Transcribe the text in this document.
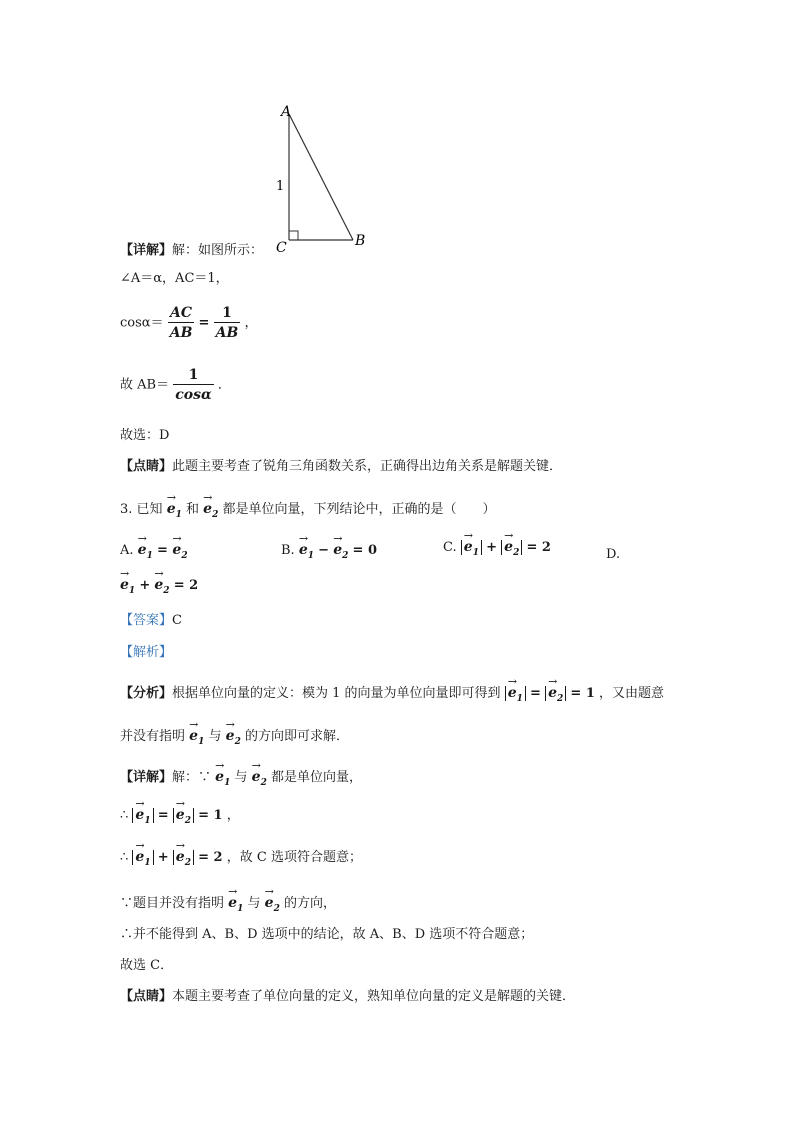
A
C	B
1
【详解】解：如图所示：
∠A＝α，AC＝1，
$\cos\alpha= \frac{AC}{AB} = \frac{1}{AB}$ ，
故 $AB= \frac{1}{\cos\alpha}$ ．
故选：D
【点睛】此题主要考查了锐角三角函数关系，正确得出边角关系是解题关键．
3. 已知 → $e_1$ 和 → $e_2$ 都是单位向量，下列结论中，正确的是（　　）
A. → $e_1$ = → $e_2$	B. → $e_1$ − → $e_2 = 0$	C. → $e_1$ + → $e_2 = 2$	D.
→ $e_1$ + → $e_2 = 2$
【答案】C
【解析】
【分析】根据单位向量的定义：模为 1 的向量为单位向量即可得到 → $e_1$ = → $e_2 = 1$ ，又由题意
并没有指明 → $e_1$ 与 → $e_2$ 的方向即可求解．
【详解】解：∵ → $e_1$ 与 → $e_2$ 都是单位向量，
∴ → $e_1$ = → $e_2 = 1$ ，
∴ → $e_1$ + → $e_2 = 2$ ，故 C 选项符合题意；
∵题目并没有指明 → $e_1$ 与 → $e_2$ 的方向，
∴并不能得到 A、B、D 选项中的结论，故 A、B、D 选项不符合题意；
故选 C．
【点睛】本题主要考查了单位向量的定义，熟知单位向量的定义是解题的关键．
